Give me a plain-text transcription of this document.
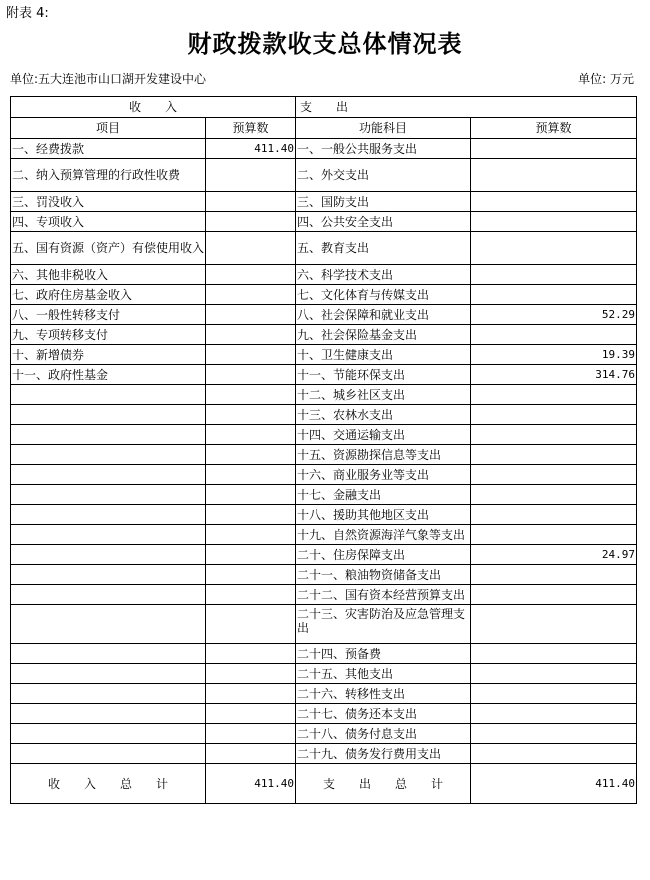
附表 4:
财政拨款收支总体情况表
单位:五大连池市山口湖开发建设中心	单位: 万元
收　　入		支　　出	
项目	预算数	功能科目	预算数
一、经费拨款	411.40	一、一般公共服务支出	
二、纳入预算管理的行政性收费		二、外交支出	
三、罚没收入		三、国防支出	
四、专项收入		四、公共安全支出	
五、国有资源（资产）有偿使用收入		五、教育支出	
六、其他非税收入		六、科学技术支出	
七、政府住房基金收入		七、文化体育与传媒支出	
八、一般性转移支付		八、社会保障和就业支出	52.29
九、专项转移支付		九、社会保险基金支出	
十、新增债券		十、卫生健康支出	19.39
十一、政府性基金		十一、节能环保支出	314.76
		十二、城乡社区支出	
		十三、农林水支出	
		十四、交通运输支出	
		十五、资源勘探信息等支出	
		十六、商业服务业等支出	
		十七、金融支出	
		十八、援助其他地区支出	
		十九、自然资源海洋气象等支出	
		二十、住房保障支出	24.97
		二十一、粮油物资储备支出	
		二十二、国有资本经营预算支出	
		二十三、灾害防治及应急管理支出	
		二十四、预备费	
		二十五、其他支出	
		二十六、转移性支出	
		二十七、债务还本支出	
		二十八、债务付息支出	
		二十九、债务发行费用支出	
收　　入　　总　　计	411.40	支　　出　　总　　计	411.40
